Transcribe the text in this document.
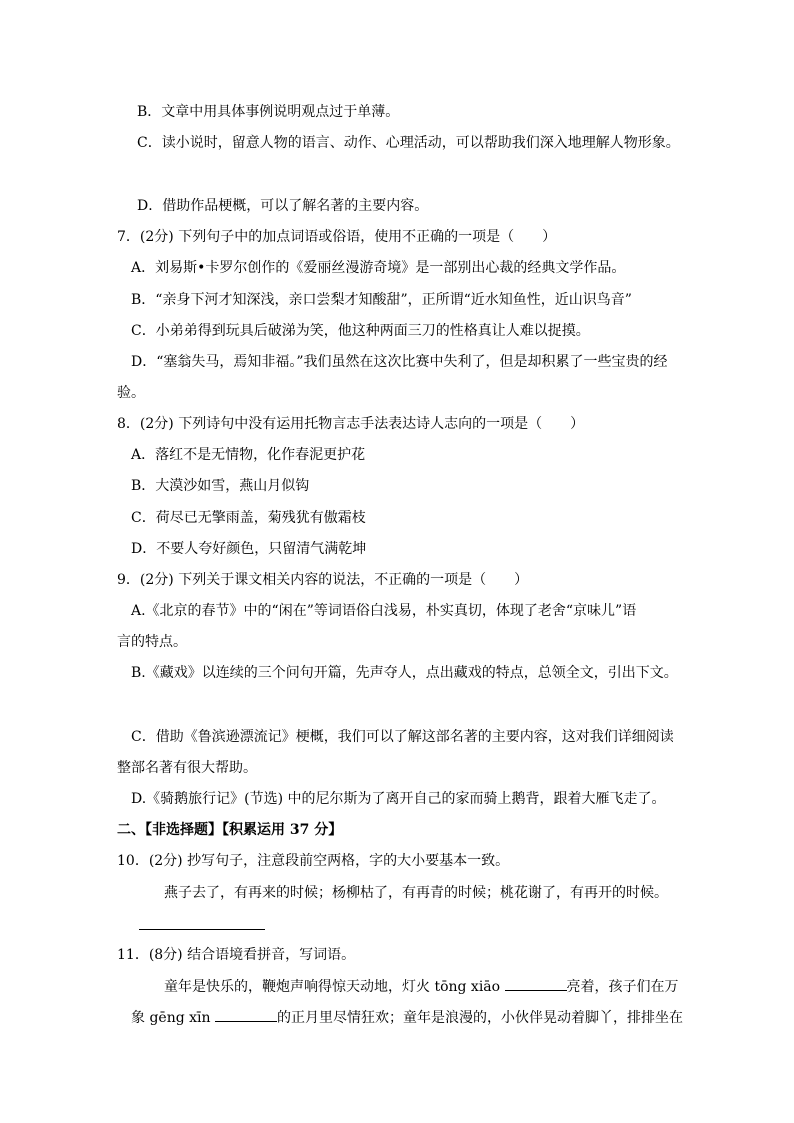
B．文章中用具体事例说明观点过于单薄。
C．读小说时，留意人物的语言、动作、心理活动，可以帮助我们深入地理解人物形象。
D．借助作品梗概，可以了解名著的主要内容。
7．(2分) 下列句子中的加点词语或俗语，使用不正确的一项是（　　）
A．刘易斯•卡罗尔创作的《爱丽丝漫游奇境》是一部别出心裁的经典文学作品。
B．“亲身下河才知深浅，亲口尝梨才知酸甜”，正所谓“近水知鱼性，近山识鸟音”
C．小弟弟得到玩具后破涕为笑，他这种两面三刀的性格真让人难以捉摸。
D．“塞翁失马，焉知非福。”我们虽然在这次比赛中失利了，但是却积累了一些宝贵的经
验。
8．(2分) 下列诗句中没有运用托物言志手法表达诗人志向的一项是（　　）
A．落红不是无情物，化作春泥更护花
B．大漠沙如雪，燕山月似钩
C．荷尽已无擎雨盖，菊残犹有傲霜枝
D．不要人夸好颜色，只留清气满乾坤
9．(2分) 下列关于课文相关内容的说法，不正确的一项是（　　）
A.《北京的春节》中的“闲在”等词语俗白浅易，朴实真切，体现了老舍“京味儿”语
言的特点。
B.《藏戏》以连续的三个问句开篇，先声夺人，点出藏戏的特点，总领全文，引出下文。
C．借助《鲁滨逊漂流记》梗概，我们可以了解这部名著的主要内容，这对我们详细阅读
整部名著有很大帮助。
D.《骑鹅旅行记》(节选) 中的尼尔斯为了离开自己的家而骑上鹅背，跟着大雁飞走了。
二、【非选择题】【积累运用 37 分】
10．(2分) 抄写句子，注意段前空两格，字的大小要基本一致。
燕子去了，有再来的时候；杨柳枯了，有再青的时候；桃花谢了，有再开的时候。
11．(8分) 结合语境看拼音，写词语。
童年是快乐的，鞭炮声响得惊天动地，灯火 tōng xiāo	亮着，孩子们在万
象 gēng xīn	的正月里尽情狂欢；童年是浪漫的，小伙伴晃动着脚丫，排排坐在
